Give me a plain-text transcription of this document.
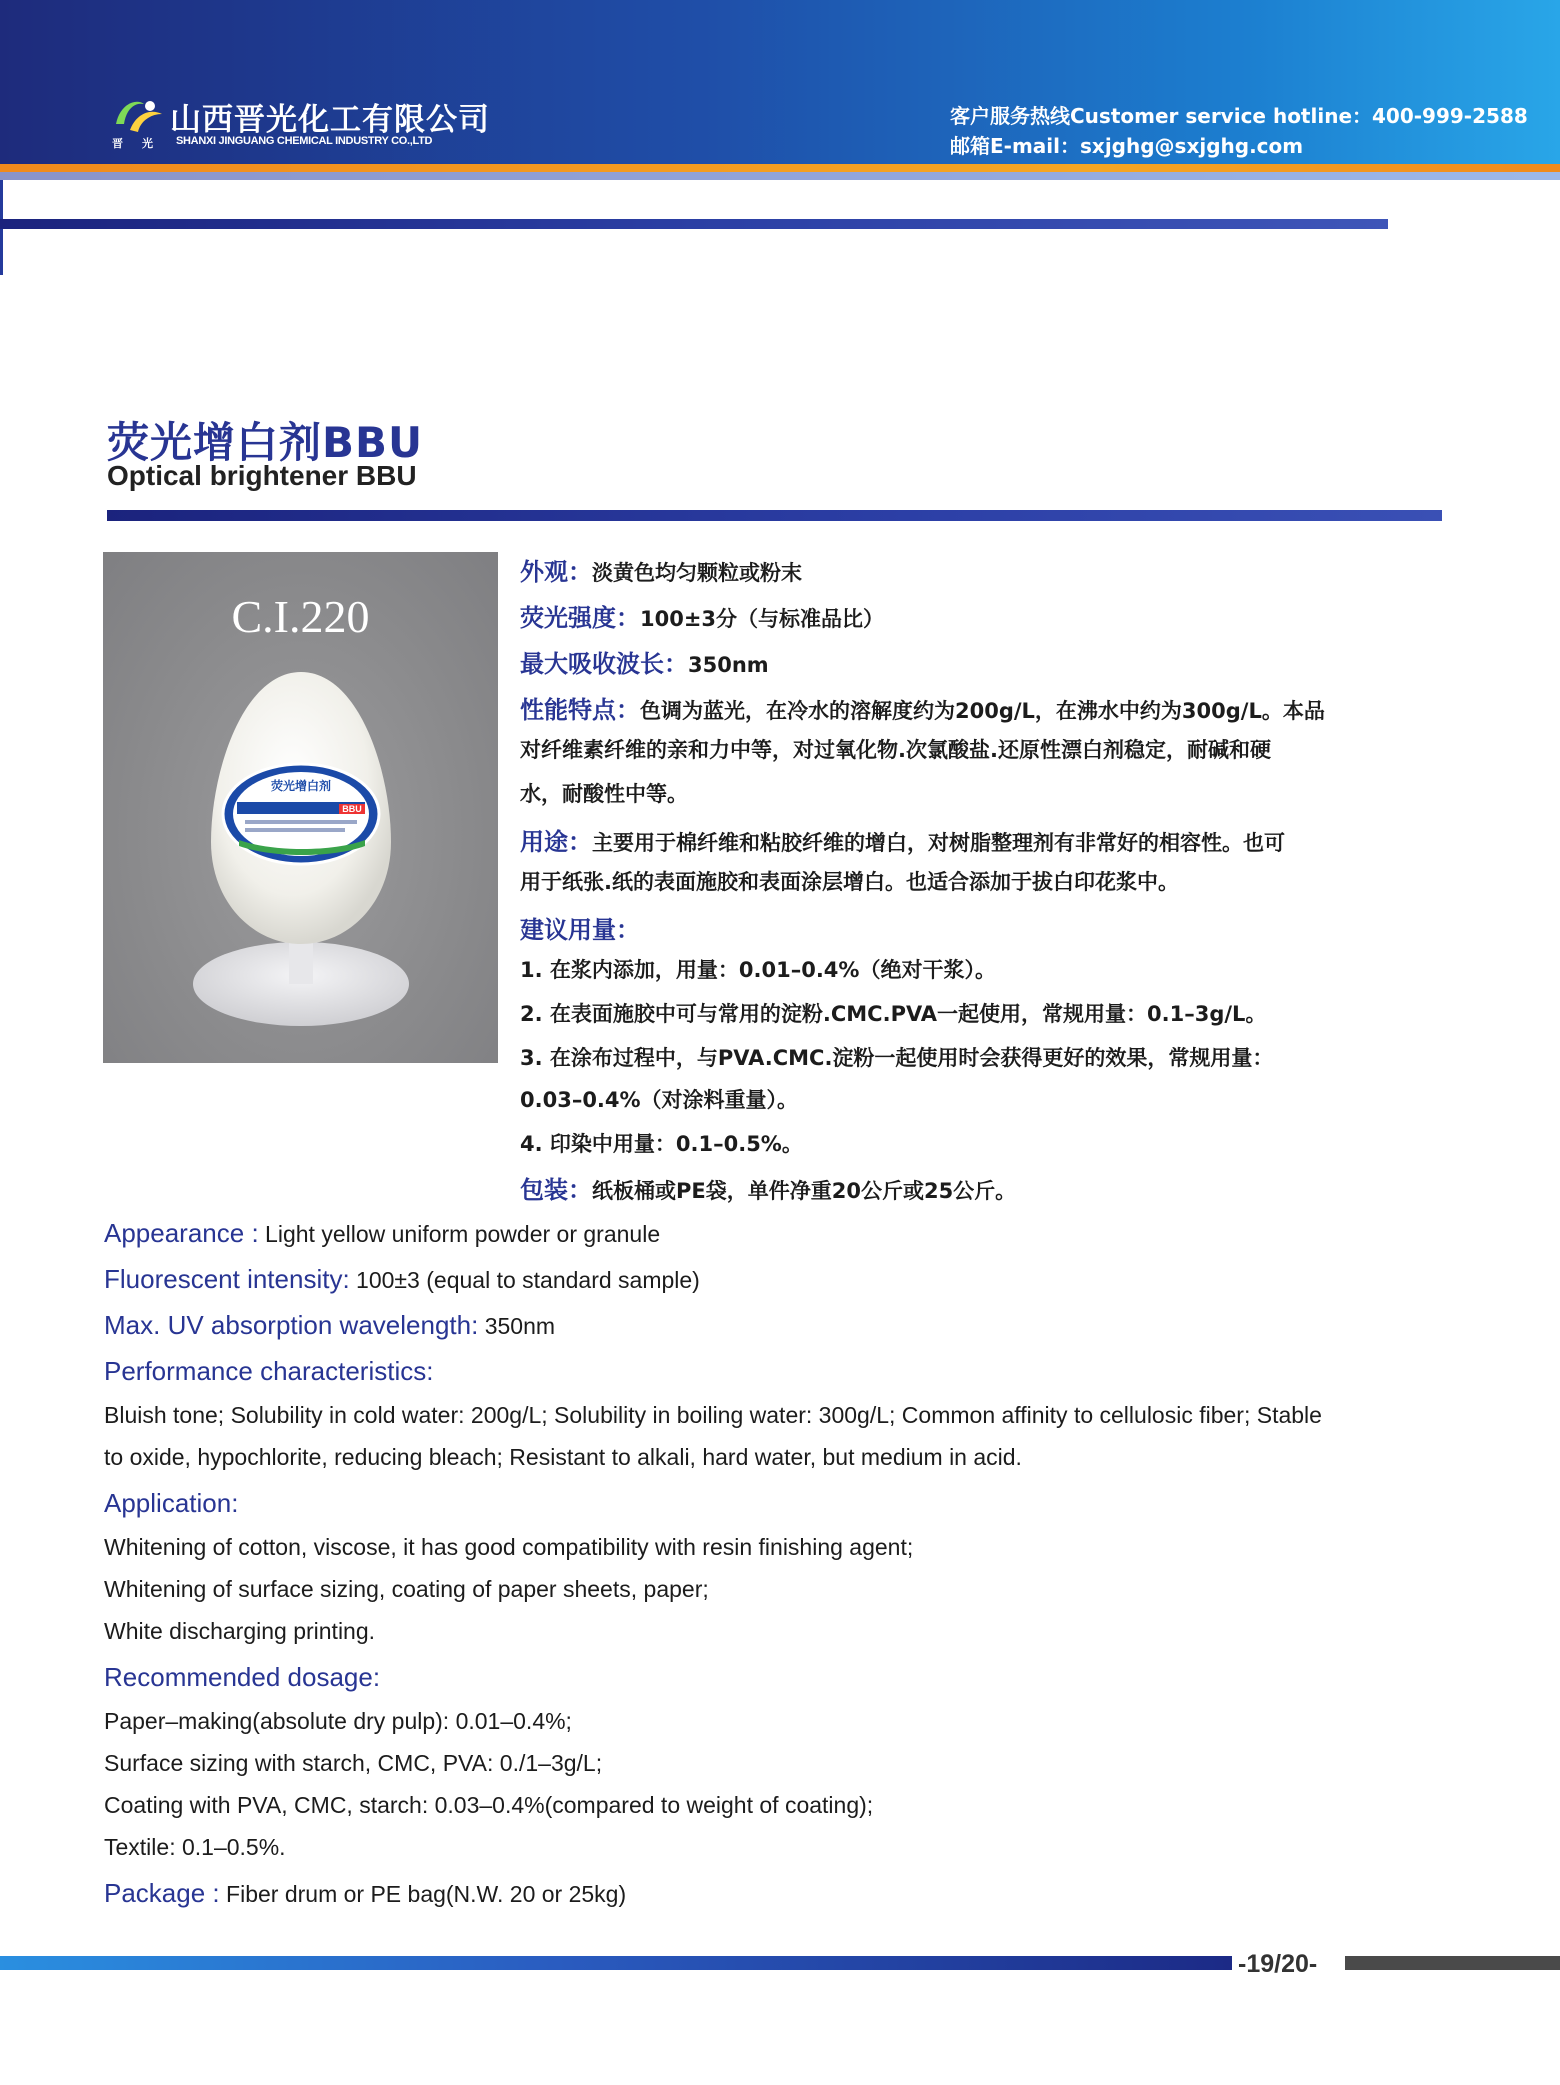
山西晋光化工有限公司
晋 光 SHANXI JINGUANG CHEMICAL INDUSTRY CO.,LTD
客户服务热线Customer service hotline：400-999-2588
邮箱E-mail：sxjghg@sxjghg.com
荧光增白剂BBU
Optical brightener BBU
C.I.220
荧光增白剂
BBU
外观：淡黄色均匀颗粒或粉末
荧光强度：100±3分（与标准品比）
最大吸收波长：350nm
性能特点：色调为蓝光，在冷水的溶解度约为200g/L，在沸水中约为300g/L。本品
对纤维素纤维的亲和力中等，对过氧化物.次氯酸盐.还原性漂白剂稳定，耐碱和硬
水，耐酸性中等。
用途：主要用于棉纤维和粘胶纤维的增白，对树脂整理剂有非常好的相容性。也可
用于纸张.纸的表面施胶和表面涂层增白。也适合添加于拔白印花浆中。
建议用量：
1. 在浆内添加，用量：0.01–0.4%（绝对干浆）。
2. 在表面施胶中可与常用的淀粉.CMC.PVA一起使用，常规用量：0.1–3g/L。
3. 在涂布过程中，与PVA.CMC.淀粉一起使用时会获得更好的效果，常规用量：
0.03–0.4%（对涂料重量）。
4. 印染中用量：0.1–0.5%。
包装：纸板桶或PE袋，单件净重20公斤或25公斤。
Appearance : Light yellow uniform powder or granule
Fluorescent intensity: 100±3 (equal to standard sample)
Max. UV absorption wavelength: 350nm
Performance characteristics:
Bluish tone; Solubility in cold water: 200g/L; Solubility in boiling water: 300g/L; Common affinity to cellulosic fiber; Stable
to oxide, hypochlorite, reducing bleach; Resistant to alkali, hard water, but medium in acid.
Application:
Whitening of cotton, viscose, it has good compatibility with resin finishing agent;
Whitening of surface sizing, coating of paper sheets, paper;
White discharging printing.
Recommended dosage:
Paper–making(absolute dry pulp): 0.01–0.4%;
Surface sizing with starch, CMC, PVA: 0./1–3g/L;
Coating with PVA, CMC, starch: 0.03–0.4%(compared to weight of coating);
Textile: 0.1–0.5%.
Package : Fiber drum or PE bag(N.W. 20 or 25kg)
-19/20-
